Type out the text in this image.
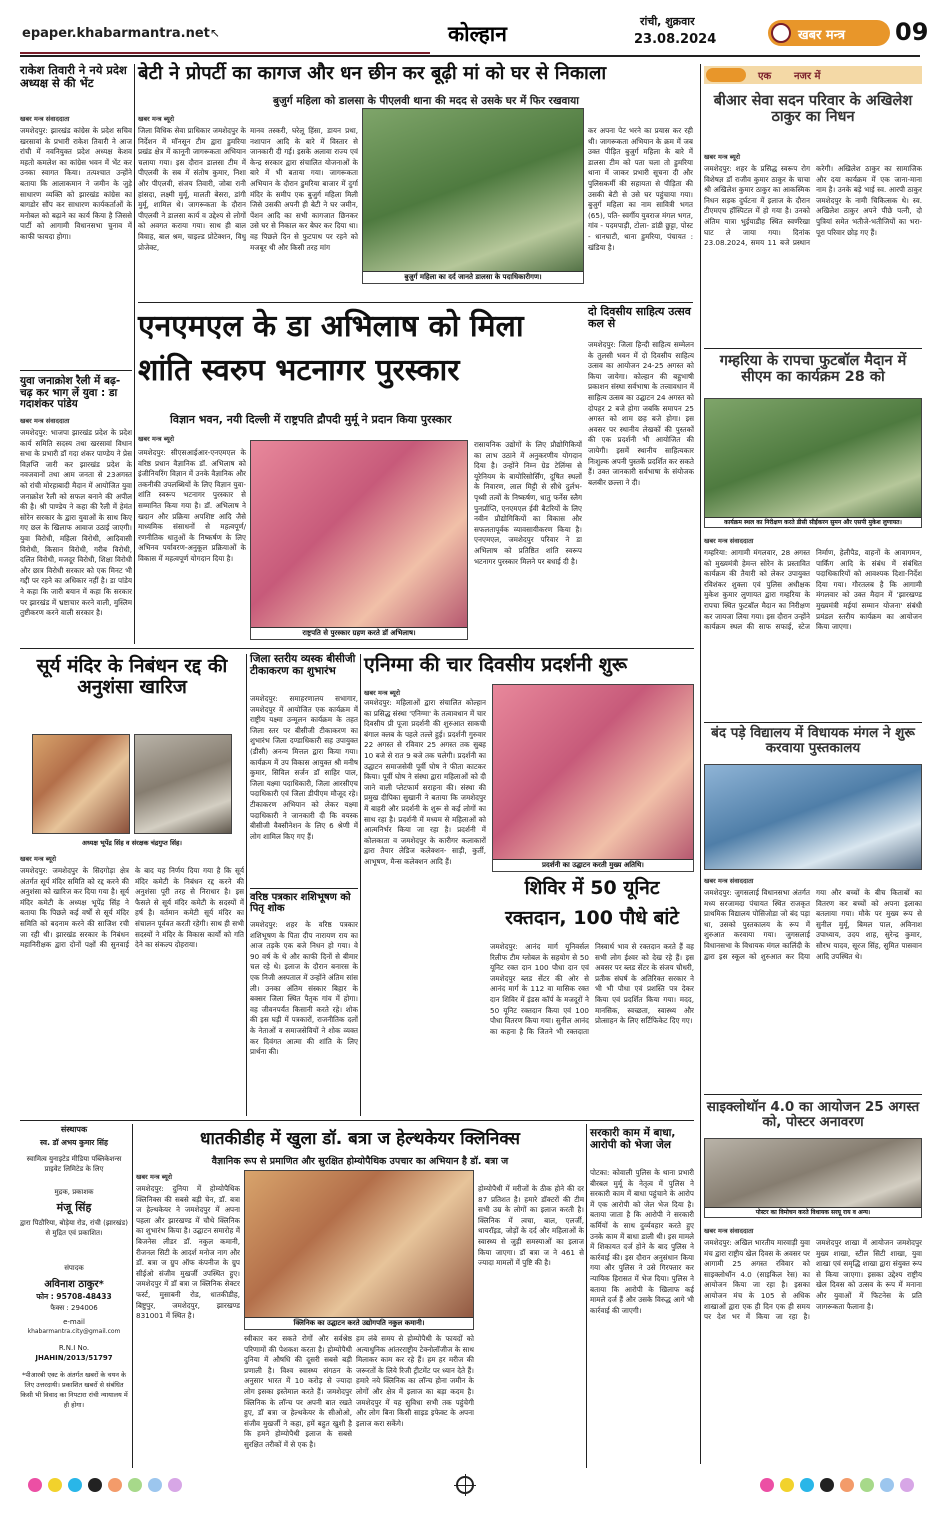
epaper.khabarmantra.net ↖	कोल्हान
रांची, शुक्रवार
23.08.2024	खबर मन्त्र 09
राकेश तिवारी ने नये प्रदेश अध्यक्ष से की भेंट
खबर मन्त्र संवाददाता
जमशेदपुर: झारखंड कांग्रेस के प्रदेश सचिव खरसावां के प्रभारी राकेश तिवारी ने आज रांची में नवनियुक्त प्रदेश अध्यक्ष केशव महतो कमलेश का कांग्रेस भवन में भेंट कर उनका स्वागत किया। तत्पश्चात उन्होंने बताया कि आलाकमान ने जमीन के जुड़े साधारण व्यक्ति को झारखंड कांग्रेस का बागडोर सौंप कर साधारण कार्यकर्ताओं के मनोबल को बढ़ाने का कार्य किया है जिससे पार्टी को आगामी विधानसभा चुनाव में काफी फायदा होगा।
युवा जनाक्रोश रैली में बढ़-चढ़ कर भाग लें युवा : डा गदाशंकर पांडेय
खबर मन्त्र संवाददाता
जमशेदपुर: भाजपा झारखंड प्रदेश के प्रदेश कार्य समिति सदस्य तथा खरसावां विधान सभा के प्रभारी डॉ गदा शंकर पाण्डेय ने प्रेस विज्ञप्ति जारी कर झारखंड प्रदेश के नवजवानों तथा आम जनता से 23अगस्त को रांची मोरहाबादी मैदान में आयोजित युवा जनाक्रोश रैली को सफल बनाने की अपील की है। श्री पाण्डेय ने कहा की रैली में हेमंत सोरेन सरकार के द्वारा युवाओं के साथ किए गए छल के खिलाफ आवाज उठाई जाएगी। युवा विरोधी, महिला विरोधी, आदिवासी विरोधी, किसान विरोधी, गरीब विरोधी, दलित विरोधी, मजदूर विरोधी, शिक्षा विरोधी और छात्र विरोधी सरकार को एक मिनट भी गद्दी पर रहने का अधिकार नहीं है। डा पांडेय ने कहा कि जारी बयान में कहा कि सरकार पर झारखंड में भ्रष्टाचार करने वाली, मुस्लिम तुष्टीकरण करने वाली सरकार है।
बेटी ने प्रोपर्टी का कागज और धन छीन कर बूढ़ी मां को घर से निकाला
बुजुर्ग महिला को डालसा के पीएलवी थाना की मदद से उसके घर में फिर रखवाया
खबर मन्त्र ब्यूरो
जिला विधिक सेवा प्राधिकार जमशेदपुर के निर्देशन में मॉनसून टीम द्वारा डुमरिया प्रखंड क्षेत्र में कानूनी जागरूकता अभियान चलाया गया। इस दौरान डालसा टीम में पीएलवी के सब में संतोष कुमार, निशा और पीएलवी, संजय तिवारी, जोबा रानी हांसदा, लक्ष्मी मुर्मू, मालती बेसरा, डांगी मुर्मू, शामिल थे। जागरूकता के दौरान पीएलवी ने डालसा कार्य व उद्देश्य से लोगों को अवगत कराया गया। साथ ही बाल विवाह, बाल श्रम, चाइल्ड प्रोटेक्शन, विधु प्रोजेक्ट,
मानव तस्करी, घरेलू हिंसा, डायन प्रथा, नशापान आदि के बारे में विस्तार से जानकारी दी गई। इसके अलावा राज्य एवं केन्द्र सरकार द्वारा संचालित योजनाओं के बारे में भी बताया गया। जागरूकता अभियान के दौरान डुमरिया बाजार में दुर्गा मंदिर के समीप एक बुजुर्ग महिला मिली जिसे उसकी अपनी ही बेटी ने घर जमीन, पेंशन आदि का सभी कागजात छिनकर उसे घर से निकाल कर बेघर कर दिया था। वह पिछले दिन से फुटपाथ पर रहने को मजबूर थी और किसी तरह मांग
बुजुर्ग महिला का दर्द जानते डालसा के पदाधिकारीगण।
कर अपना पेट भरने का प्रयास कर रही थी। जागरूकता अभियान के क्रम में जब उक्त पीड़ित बुजुर्ग महिला के बारे में डालसा टीम को पता चला तो डुमरिया थाना में जाकर प्रभारी सूचना दी और पुलिसकर्मी की सहायता से पीड़िता की उसकी बेटी से उसे घर पहुंचाया गया। बुजुर्ग महिला का नाम सावित्री भगत (65), पति- स्वर्गीय युवराज मंगल भगत, गांव - पदमपाड़ी, टोला- डांडी छुट्टा, पोस्ट - धानघाटी, थाना डुमरिया, पंचायत : खंडिया है।
एनएमएल के डा अभिलाष को मिला
शांति स्वरुप भटनागर पुरस्कार
विज्ञान भवन, नयी दिल्ली में राष्ट्रपति द्रौपदी मुर्मू ने प्रदान किया पुरस्कार
खबर मन्त्र ब्यूरो
जमशेदपुर: सीएसआईआर-एनएमएल के वरिष्ठ प्रधान वैज्ञानिक डॉ. अभिलाष को इंजीनियरिंग विज्ञान में उनके वैज्ञानिक और तकनीकी उपलब्धियों के लिए विज्ञान युवा-शांति स्वरूप भटनागर पुरस्कार से सम्मानित किया गया है। डॉ. अभिलाष ने खदान और प्रक्रिया अपशिष्ट आदि जैसे माध्यमिक संसाधनों से महत्वपूर्ण/रणनीतिक धातुओं के निष्कर्षण के लिए अभिनव पर्यावरण-अनुकूल प्रक्रियाओं के विकास में महत्वपूर्ण योगदान दिया है।
राष्ट्रपति से पुरस्कार ग्रहण करते डॉ अभिलाष।
रासायनिक उद्योगों के लिए प्रौद्योगिकियों का लाभ उठाने में अनुकरणीय योगदान दिया है। उन्होंने निम्न ग्रेड टेलिंग्स से यूरेनियम के बायोरिसोर्सिंग, दूषित स्थलों के निवारण, लाल मिट्टी से सीधे दुर्लभ-पृथ्वी तत्वों के निष्कर्षण, धातु फर्नेस स्लैग पुनर्प्राप्ति, एनएमएल ईवी बैटरियों के लिए नवीन प्रौद्योगिकियों का विकास और सफलतापूर्वक व्यावसायीकरण किया है। एनएमएल, जमशेदपुर परिवार ने डा अभिलाष को प्रतिष्ठित शांति स्वरूप भटनागर पुरस्कार मिलने पर बधाई दी है।
दो दिवसीय साहित्य उत्सव कल से
जमशेदपुर: जिला हिन्दी साहित्य सम्मेलन के तुलसी भवन में दो दिवसीय साहित्य उत्सव का आयोजन 24-25 अगस्त को किया जायेगा। कोल्हान की बहुभाषी प्रकाशन संस्था सर्वभाषा के तत्त्वावधान में साहित्य उत्सव का उद्घाटन 24 अगस्त को दोपहर 2 बजे होगा जबकि समापन 25 अगस्त को शाम छह बजे होगा। इस अवसर पर स्थानीय लेखकों की पुस्तकों की एक प्रदर्शनी भी आयोजित की जायेगी। इसमें स्थानीय साहित्यकार निःशुल्क अपनी पुस्तकें प्रदर्शित कर सकते हैं। उक्त जानकारी सर्वभाषा के संयोजक बलबीर छल्ला ने दी।
एक नजर में
बीआर सेवा सदन परिवार के अखिलेश ठाकुर का निधन
खबर मन्त्र ब्यूरो
जमशेदपुर: शहर के प्रसिद्ध स्वरूप रोग विशेषज्ञ डॉ राजीव कुमार ठाकुर के चाचा श्री अखिलेश कुमार ठाकुर का आकस्मिक निधन सड़क दुर्घटना में इलाज के दौरान टीएमएच हॉस्पिटल में हो गया है। उनको अंतिम यात्रा भुईयाडीह स्थित स्वर्णरेखा घाट ले जाया गया। दिनांक 23.08.2024, समय 11 बजे प्रस्थान करेगी। अखिलेश ठाकुर का सामाजिक और दया कार्यक्रम में एक जाना-माना नाम है। उनके बड़े भाई स्व. आरपी ठाकुर जमशेदपुर के नामी चिकित्सक थे। स्व. अखिलेश ठाकुर अपने पीछे पत्नी, दो पुत्रियां समेत भतीजे-भतीजियों का भरा-पूरा परिवार छोड़ गए हैं।
गम्हरिया के रापचा फुटबॉल मैदान में सीएम का कार्यक्रम 28 को
कार्यक्रम स्थल का निरीक्षण करते डीसी सीईंकरन सुमन और एसपी मुकेश लुणायत।
खबर मन्त्र संवाददाता
गम्हरिया: आगामी मंगलवार, 28 अगस्त को मुख्यमंत्री हेमन्त सोरेन के प्रस्तावित कार्यक्रम की तैयारी को लेकर उपायुक्त रविशंकर शुक्ला एवं पुलिस अधीक्षक मुकेश कुमार लुणायत द्वारा गम्हरिया के रापचा स्थित फुटबॉल मैदान का निरीक्षण कर जायजा लिया गया। इस दौरान उन्होंने कार्यक्रम स्थल की साफ सफाई, स्टेज निर्माण, हेलीपैड, वाहनों के आवागमन, पार्किंग आदि के संबंध में संबंधित पदाधिकारियों को आवश्यक दिशा-निर्देश दिया गया। गौरतलब है कि आगामी मंगलवार को उक्त मैदान में 'झारखण्ड मुख्यमंत्री मईयां सम्मान योजना' संबंधी प्रमंडल स्तरीय कार्यक्रम का आयोजन किया जाएगा।
बंद पड़े विद्यालय में विधायक मंगल ने शुरू करवाया पुस्तकालय
खबर मन्त्र संवाददाता
जमशेदपुर: जुगसलाई विधानसभा अंतर्गत मध्य सरजामदा पंचायत स्थित राजकृत प्राथमिक विद्यालय पोसिजोडा जो बंद पड़ा था, उसको पुस्तकालय के रूप में शुरुआत करवाया गया। जुगसलाई विधानसभा के विधायक मंगल कालिंदी के द्वारा इस स्कूल को शुरुआत कर दिया गया और बच्चों के बीच किताबों का वितरण कर बच्चों को अपना इलाका बतलाया गया। मौके पर मुख्य रूप से सुनील मुर्मू, बिमल पाल, अविनाश उपाध्याय, उदय शाह, सुरेन्द्र कुमार, सौरभ यादव, सूरज सिंह, सुमित पासवान आदि उपस्थित थे।
साइक्लोथॉन 4.0 का आयोजन 25 अगस्त को, पोस्टर अनावरण
पोस्टर का विमोचन करते विधायक सरयू राय व अन्य।
खबर मन्त्र संवाददाता
जमशेदपुर: अखिल भारतीय मारवाड़ी युवा मंच द्वारा राष्ट्रीय खेल दिवस के अवसर पर आगामी 25 अगस्त रविवार को साइक्लोथॉन 4.0 (साइकिल रेस) का आयोजन किया जा रहा है। इसका आयोजन मंच के 105 से अधिक शाखाओं द्वारा एक ही दिन एक ही समय पर देश भर में किया जा रहा है। जमशेदपुर शाखा में आयोजन जमशेदपुर मुख्य शाखा, स्टील सिटी शाखा, युवा शाखा एवं समृद्धि शाखा द्वारा संयुक्त रूप से किया जाएगा। इसका उद्देश्य राष्ट्रीय खेल दिवस को उत्सव के रूप में मनाना और युवाओं में फिटनेस के प्रति जागरूकता फैलाना है।
सूर्य मंदिर के निबंधन रद्द की अनुशंसा खारिज
अध्यक्ष भूपेंद्र सिंह व संरक्षक चंद्रगुप्त सिंह।
खबर मन्त्र ब्यूरो
जमशेदपुर: जमशेदपुर के सिदगोड़ा क्षेत्र अंतर्गत सूर्य मंदिर समिति को रद्द करने की अनुशंसा को खारिज कर दिया गया है। सूर्य मंदिर कमेटी के अध्यक्ष भूपेंद्र सिंह ने बताया कि पिछले कई वर्षों से सूर्य मंदिर समिति को बदनाम करने की साजिश रची जा रही थी। झारखंड सरकार के निबंधन महानिरीक्षक द्वारा दोनों पक्षों की सुनवाई के बाद यह निर्णय दिया गया है कि सूर्य मंदिर कमेटी के निबंधन रद्द करने की अनुशंसा पूरी तरह से निराधार है। इस फैसले से सूर्य मंदिर कमेटी के सदस्यों में हर्ष है। वर्तमान कमेटी सूर्य मंदिर का संचालन पूर्ववत करती रहेगी। साथ ही सभी सदस्यों ने मंदिर के विकास कार्यों को गति देने का संकल्प दोहराया।
जिला स्तरीय व्यस्क बीसीजी टीकाकरण का शुभारंभ
जमशेदपुर: समाहरणालय सभागार, जमशेदपुर में आयोजित एक कार्यक्रम में राष्ट्रीय यक्ष्मा उन्मूलन कार्यक्रम के तहत जिला स्तर पर बीसीजी टीकाकरण का शुभारंभ जिला दण्डाधिकारी सह उपायुक्त (डीसी) अनन्य मित्तल द्वारा किया गया। कार्यक्रम में उप विकास आयुक्त श्री मनीष कुमार, सिविल सर्जन डॉ साहिर पाल, जिला यक्ष्मा पदाधिकारी, जिला आरसीएच पदाधिकारी एवं जिला डीपीएम मौजूद रहे। टीकाकरण अभियान को लेकर यक्ष्मा पदाधिकारी ने जानकारी दी कि वयस्क बीसीजी वैक्सीनेशन के लिए 6 श्रेणी में लोग शामिल किए गए हैं।
वरिष्ठ पत्रकार शशिभूषण को पितृ शोक
जमशेदपुर: शहर के वरिष्ठ पत्रकार शशिभूषण के पिता दीप नारायण राय का आज तड़के एक बजे निधन हो गया। वे 90 वर्ष के थे और काफी दिनों से बीमार चल रहे थे। इलाज के दौरान बनारस के एक निजी अस्पताल में उन्होंने अंतिम सांस ली। उनका अंतिम संस्कार बिहार के बक्सर जिला स्थित पैतृक गांव में होगा। वह जीवनपर्यंत किसानी करते रहे। शोक की इस घड़ी में पत्रकारों, राजनीतिक दलों के नेताओं व समाजसेवियों ने शोक व्यक्त कर दिवंगत आत्मा की शांति के लिए प्रार्थना की।
एनिग्मा की चार दिवसीय प्रदर्शनी शुरू
खबर मन्त्र ब्यूरो
प्रदर्शनी का उद्घाटन करती मुख्य अतिथि।
जमशेदपुर: महिलाओं द्वारा संचालित कोल्हान का प्रसिद्ध संस्था 'एनिग्मा' के तत्वावधान में चार दिवसीय प्री पूजा प्रदर्शनी की शुरुआत साकची बंगाल क्लब के पहले तल्ले हुई। प्रदर्शनी गुरुवार 22 अगस्त से रविवार 25 अगस्त तक सुबह 10 बजे से रात 9 बजे तक चलेगी। प्रदर्शनी का उद्घाटन समाजसेवी पूर्वी घोष ने फीता काटकर किया। पूर्वी घोष ने संस्था द्वारा महिलाओं को दी जाने वाली प्लेटफार्म सराहना की। संस्था की प्रमुख दीपिका सुखानी ने बताया कि जमशेदपुर में बाहरी और प्रदर्शनी के शुरू से कई लोगों का साथ रहा है। प्रदर्शनी में मध्यम से महिलाओं को आत्मनिर्भर किया जा रहा है। प्रदर्शनी में कोलकाता व जमशेदपुर के कारीगर कलाकारों द्वारा तैयार लेडिज कलेक्शन- साड़ी, कुर्ती, आभूषण, मैन्स कलेक्शन आदि हैं।
शिविर में 50 यूनिट
रक्तदान, 100 पौधे बांटे
जमशेदपुर: आनंद मार्ग यूनिवर्सल रिलीफ टीम ग्लोबल के सहयोग से 50 यूनिट रक्त दान 100 पौधा दान एवं जमशेदपुर ब्लड सेंटर की ओर से आनंद मार्ग के 112 वा मासिक रक्त दान शिविर में इंडस कॉर्प के मजदूरों ने 50 यूनिट रक्तदान किया एवं 100 पौधा वितरण किया गया। सुनील आनंद का कहना है कि जितने भी रक्तदाता निस्वार्थ भाव से रक्तदान करते हैं वह सभी लोग ईश्वर को देख रहे हैं। इस अवसर पर ब्लड सेंटर के संजय चौधरी, प्रतीक संघर्ष के अतिरिक्त सरकार ने भी भी पौधा एवं प्रशस्ति पत्र देकर किया एवं प्रदर्शित किया गया। मदद, मानसिक, स्वच्छता, स्वास्थ्य और प्रोत्साहन के लिए सर्टिफिकेट दिए गए।
संस्थापक
स्व. डॉ अभय कुमार सिंह
स्वामित्व युनाइटेड मीडिया पब्लिकेशन्स प्राइवेट लिमिटेड के लिए
मुद्रक, प्रकाशक
मंजू सिंह
द्वारा पिठौरिया, बोड़ेया रोड, रांची (झारखंड) से मुद्रित एवं प्रकाशित।
संपादक
अविनाश ठाकुर*
फोन : 95708-48433
फैक्स : 294006
e-mail
khabarmantra.city@gmail.com
R.N.I No.
JHAHIN/2013/51797
*पीआरबी एक्ट के अंतर्गत खबरों के चयन के लिए उत्तरदायी। प्रकाशित खबरों से संबंधित किसी भी विवाद का निपटारा रांची न्यायालय में ही होगा।
धातकीडीह में खुला डॉ. बत्रा ज हेल्थकेयर क्लिनिक्स
वैज्ञानिक रूप से प्रमाणित और सुरक्षित होम्योपैथिक उपचार का अभियान है डॉ. बत्रा ज
खबर मन्त्र ब्यूरो
जमशेदपुर: दुनिया में होम्योपैथिक क्लिनिक्स की सबसे बड़ी चेन, डॉ. बत्रा ज हेल्थकेयर ने जमशेदपुर में अपना पहला और झारखण्ड में चौथे क्लिनिक का शुभारंभ किया है। उद्घाटन समारोह में बिजनेस लीडर डॉ. नकुल कमानी, रीजनल सिटी के आदर्श मनोज नाग और डॉ. बत्रा ज ग्रुप ऑफ कंपनीज के ग्रुप सीईओ संजीव मुखर्जी उपस्थित हुए। जमशेदपुर में डॉ बत्रा ज क्लिनिक सेक्टर फर्स्ट, मुसाबनी रोड, धातकीडीह, बिष्टुपुर, जमशेदपुर, झारखण्ड 831001 में स्थित है।
क्लिनिक का उद्घाटन करते उद्योगपति नकुल कमानी।
स्वीकार कर सकते रोगों और सर्वश्रेष्ठ परिणामों की पेशकश करता है। होम्योपैथी दुनिया में औषधि की दूसरी सबसे बड़ी प्रणाली है। विश्व स्वास्थ्य संगठन के अनुसार भारत में 10 करोड़ से ज्यादा लोग इसका इस्तेमाल करते हैं। जमशेदपुर क्लिनिक के लॉन्च पर अपनी बात रखते हुए, डॉ बत्रा ज हेल्थकेयर के सीओओ, संजीव मुखर्जी ने कहा, हमें बहुत खुशी है कि हमने होम्योपैथी इलाज के सबसे सुरक्षित तरीकों में से एक है।
हम लंबे समय से होम्योपैथी के फायदों को अत्याधुनिक आंतरराष्ट्रीय टेक्नोलॉजीज के साथ मिलाकर काम कर रहे हैं। हम हर मरीज की जरूरतों के लिये रिजी ट्रीटमेंट पर ध्यान देते हैं। हमारे नये क्लिनिक का लॉन्च होना जमीन के लोगों और क्षेत्र में इलाज का बड़ा कदम है। जमशेदपुर में यह सुविधा सभी तक पहुंचेगी और लोग बिना किसी साइड इफेक्ट के अपना इलाज करा सकेंगे।
होम्योपैथी में मरीजों के ठीक होने की दर 87 प्रतिशत है। हमारे डॉक्टरों की टीम सभी उम्र के लोगों का इलाज करती है। क्लिनिक में त्वचा, बाल, एलर्जी, थायरॉइड, जोड़ों के दर्द और महिलाओं के स्वास्थ्य से जुड़ी समस्याओं का इलाज किया जाएगा। डॉ बत्रा ज ने 461 से ज्यादा मामलों में पुष्टि की है।
सरकारी काम में बाधा, आरोपी को भेजा जेल
पोटका: कोवाली पुलिस के थाना प्रभारी बीरबल मुर्मू के नेतृत्व में पुलिस ने सरकारी काम में बाधा पहुंचाने के आरोप में एक आरोपी को जेल भेज दिया है। बताया जाता है कि आरोपी ने सरकारी कर्मियों के साथ दुर्व्यवहार करते हुए उनके काम में बाधा डाली थी। इस मामले में शिकायत दर्ज होने के बाद पुलिस ने कार्रवाई की। इस दौरान अनुसंधान किया गया और पुलिस ने उसे गिरफ्तार कर न्यायिक हिरासत में भेज दिया। पुलिस ने बताया कि आरोपी के खिलाफ कई मामले दर्ज हैं और उसके विरुद्ध आगे भी कार्रवाई की जाएगी।
